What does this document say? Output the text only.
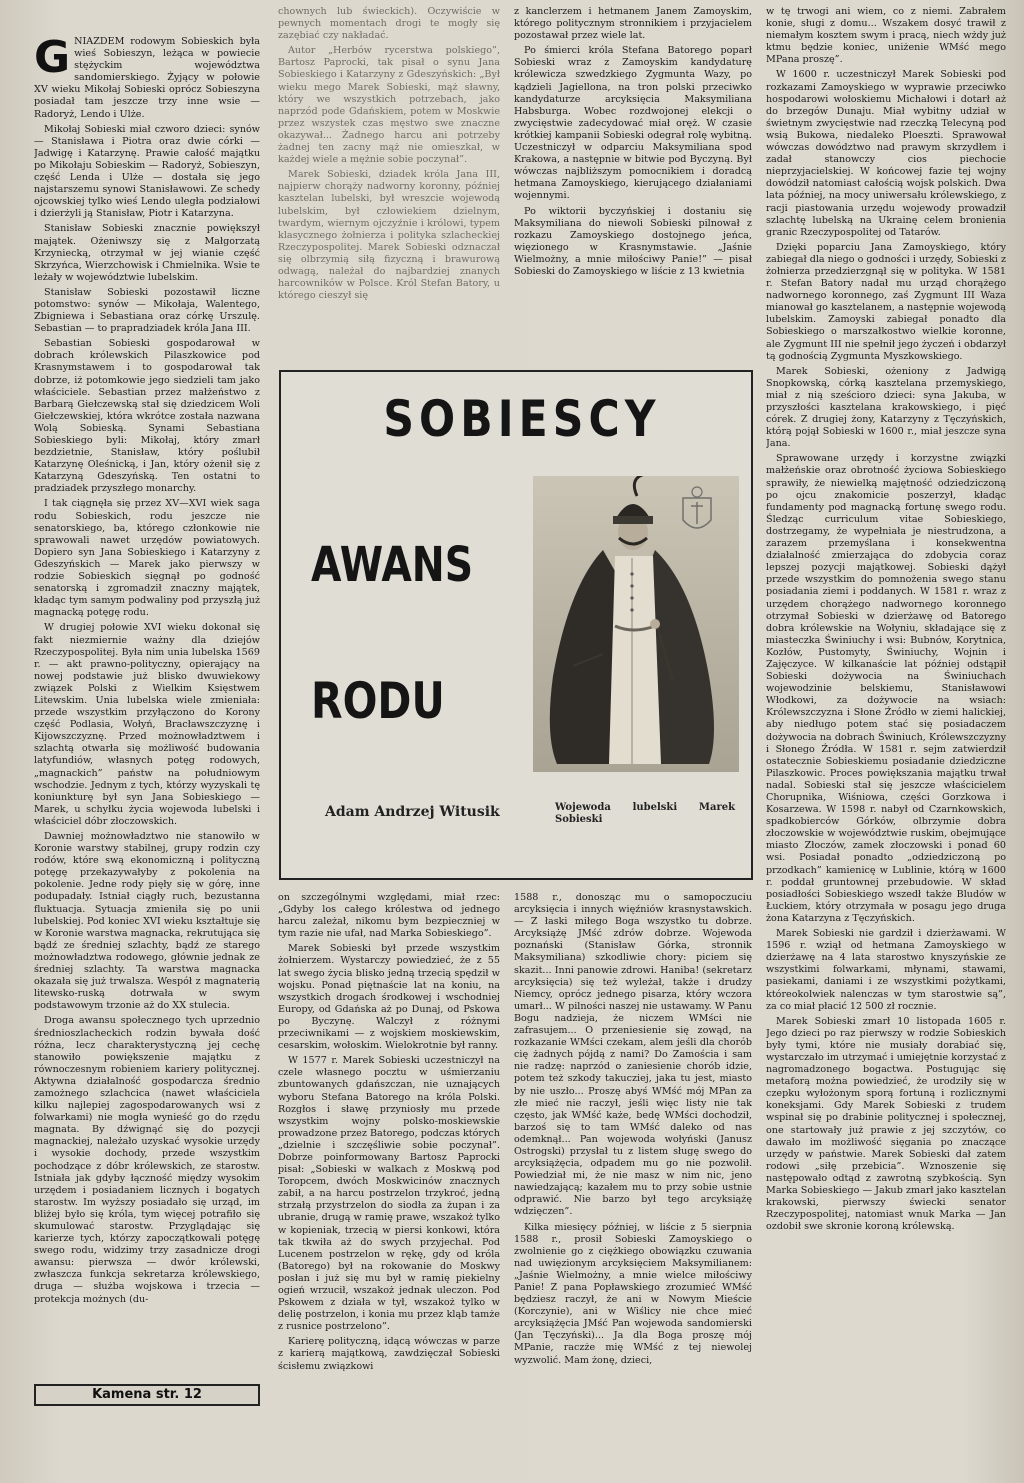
GNIAZDEM rodowym Sobieskich była wieś Sobieszyn, leżąca w powiecie stężyckim województwa sandomierskiego. Żyjący w połowie XV wieku Mikołaj Sobieski oprócz Sobieszyna posiadał tam jeszcze trzy inne wsie — Radoryż, Lendo i Ulże.

Mikołaj Sobieski miał czworo dzieci: synów — Stanisława i Piotra oraz dwie córki — Jadwigę i Katarzynę. Prawie całość majątku po Mikołaju Sobieskim — Radoryż, Sobieszyn, część Lenda i Ulże — dostała się jego najstarszemu synowi Stanisławowi. Ze schedy ojcowskiej tylko wieś Lendo uległa podziałowi i dzierżyli ją Stanisław, Piotr i Katarzyna.

Stanisław Sobieski znacznie powiększył majątek. Ożeniwszy się z Małgorzatą Krzyniecką, otrzymał w jej wianie część Skrzyńca, Wierzchowisk i Chmielnika. Wsie te leżały w województwie lubelskim.

Stanisław Sobieski pozostawił liczne potomstwo: synów — Mikołaja, Walentego, Zbigniewa i Sebastiana oraz córkę Urszulę. Sebastian — to prapradziadek króla Jana III.

Sebastian Sobieski gospodarował w dobrach królewskich Pilaszkowice pod Krasnymstawem i to gospodarował tak dobrze, iż potomkowie jego siedzieli tam jako właściciele. Sebastian przez małżeństwo z Barbarą Giełczewską stał się dziedzicem Woli Giełczewskiej, która wkrótce została nazwana Wolą Sobieską. Synami Sebastiana Sobieskiego byli: Mikołaj, który zmarł bezdzietnie, Stanisław, który poślubił Katarzynę Oleśnicką, i Jan, który ożenił się z Katarzyną Gdeszyńską. Ten ostatni to pradziadek przyszłego monarchy.

I tak ciągnęła się przez XV—XVI wiek saga rodu Sobieskich, rodu jeszcze nie senatorskiego, ba, którego członkowie nie sprawowali nawet urzędów powiatowych. Dopiero syn Jana Sobieskiego i Katarzyny z Gdeszyńskich — Marek jako pierwszy w rodzie Sobieskich sięgnął po godność senatorską i zgromadził znaczny majątek, kładąc tym samym podwaliny pod przyszłą już magnacką potęgę rodu.

W drugiej połowie XVI wieku dokonał się fakt niezmiernie ważny dla dziejów Rzeczypospolitej. Była nim unia lubelska 1569 r. — akt prawno-polityczny, opierający na nowej podstawie już blisko dwuwiekowy związek Polski z Wielkim Księstwem Litewskim. Unia lubelska wiele zmieniała: przede wszystkim przyłączono do Korony część Podlasia, Wołyń, Bracławszczyznę i Kijowszczyznę. Przed możnowładztwem i szlachtą otwarła się możliwość budowania latyfundiów, własnych potęg rodowych, „magnackich” państw na południowym wschodzie. Jednym z tych, którzy wyzyskali tę koniunkturę był syn Jana Sobieskiego — Marek, u schyłku życia wojewoda lubelski i właściciel dóbr złoczowskich.

Dawniej możnowładztwo nie stanowiło w Koronie warstwy stabilnej, grupy rodzin czy rodów, które swą ekonomiczną i polityczną potęgę przekazywałyby z pokolenia na pokolenie. Jedne rody pięły się w górę, inne podupadały. Istniał ciągły ruch, bezustanna fluktuacja. Sytuacja zmieniła się po unii lubelskiej. Pod koniec XVI wieku kształtuje się w Koronie warstwa magnacka, rekrutująca się bądź ze średniej szlachty, bądź ze starego możnowładztwa rodowego, głównie jednak ze średniej szlachty. Ta warstwa magnacka okazała się już trwalsza. Wespół z magnaterią litewsko-ruską dotrwała w swym podstawowym trzonie aż do XX stulecia.

Droga awansu społecznego tych uprzednio średnioszlacheckich rodzin bywała dość różna, lecz charakterystyczną jej cechę stanowiło powiększenie majątku z równoczesnym robieniem kariery politycznej. Aktywna działalność gospodarcza średnio zamożnego szlachcica (nawet właściciela kilku najlepiej zagospodarowanych wsi z folwarkami) nie mogła wynieść go do rzędu magnata. By dźwignąć się do pozycji magnackiej, należało uzyskać wysokie urzędy i wysokie dochody, przede wszystkim pochodzące z dóbr królewskich, ze starostw. Istniała jak gdyby łączność między wysokim urzędem i posiadaniem licznych i bogatych starostw. Im wyższy posiadało się urząd, im bliżej było się króla, tym więcej potrafiło się skumulować starostw. Przyglądając się karierze tych, którzy zapoczątkowali potęgę swego rodu, widzimy trzy zasadnicze drogi awansu: pierwsza — dwór królewski, zwłaszcza funkcja sekretarza królewskiego, druga — służba wojskowa i trzecia — protekcja możnych (du-

chownych lub świeckich). Oczywiście w pewnych momentach drogi te mogły się zazębiać czy nakładać.

Autor „Herbów rycerstwa polskiego”, Bartosz Paprocki, tak pisał o synu Jana Sobieskiego i Katarzyny z Gdeszyńskich: „Był wieku mego Marek Sobieski, mąż sławny, który we wszystkich potrzebach, jako naprzód pode Gdańskiem, potem w Moskwie przez wszystek czas męstwo swe znaczne okazywał... Żadnego harcu ani potrzeby żadnej ten zacny mąż nie omieszkał, w każdej wiele a mężnie sobie poczynał”.

Marek Sobieski, dziadek króla Jana III, najpierw chorąży nadworny koronny, później kasztelan lubelski, był wreszcie wojewodą lubelskim, był człowiekiem dzielnym, twardym, wiernym ojczyźnie i królowi, typem klasycznego żołnierza i polityka szlacheckiej Rzeczypospolitej. Marek Sobieski odznaczał się olbrzymią siłą fizyczną i brawurową odwagą, należał do najbardziej znanych harcowników w Polsce. Król Stefan Batory, u którego cieszył się

z kanclerzem i hetmanem Janem Zamoyskim, którego politycznym stronnikiem i przyjacielem pozostawał przez wiele lat.

Po śmierci króla Stefana Batorego poparł Sobieski wraz z Zamoyskim kandydaturę królewicza szwedzkiego Zygmunta Wazy, po kądzieli Jagiellona, na tron polski przeciwko kandydaturze arcyksięcia Maksymiliana Habsburga. Wobec rozdwojonej elekcji o zwycięstwie zadecydować miał oręż. W czasie krótkiej kampanii Sobieski odegrał rolę wybitną. Uczestniczył w odparciu Maksymiliana spod Krakowa, a następnie w bitwie pod Byczyną. Był wówczas najbliższym pomocnikiem i doradcą hetmana Zamoyskiego, kierującego działaniami wojennymi.

Po wiktorii byczyńskiej i dostaniu się Maksymiliana do niewoli Sobieski pilnował z rozkazu Zamoyskiego dostojnego jeńca, więzionego w Krasnymstawie. „Jaśnie Wielmożny, a mnie miłościwy Panie!” — pisał Sobieski do Zamoyskiego w liście z 13 kwietnia

SOBIESCY
AWANS
RODU
Adam Andrzej Witusik	Wojewoda lubelski Marek Sobieski

on szczególnymi względami, miał rzec: „Gdyby los całego królestwa od jednego harcu zależał, nikomu bym bezpieczniej w tym razie nie ufał, nad Marka Sobieskiego”.

Marek Sobieski był przede wszystkim żołnierzem. Wystarczy powiedzieć, że z 55 lat swego życia blisko jedną trzecią spędził w wojsku. Ponad piętnaście lat na koniu, na wszystkich drogach środkowej i wschodniej Europy, od Gdańska aż po Dunaj, od Pskowa po Byczynę. Walczył z różnymi przeciwnikami — z wojskiem moskiewskim, cesarskim, wołoskim. Wielokrotnie był ranny.

W 1577 r. Marek Sobieski uczestniczył na czele własnego pocztu w uśmierzaniu zbuntowanych gdańszczan, nie uznających wyboru Stefana Batorego na króla Polski. Rozgłos i sławę przyniosły mu przede wszystkim wojny polsko-moskiewskie prowadzone przez Batorego, podczas których „dzielnie i szczęśliwie sobie poczynał”. Dobrze poinformowany Bartosz Paprocki pisał: „Sobieski w walkach z Moskwą pod Toropcem, dwóch Moskwicinów znacznych zabił, a na harcu postrzelon trzykroć, jedną strzałą przystrzelon do siodła za żupan i za ubranie, drugą w ramię prawe, wszakoż tylko w kopieniak, trzecią w piersi konkowi, która tak tkwiła aż do swych przyjechał. Pod Lucenem postrzelon w rękę, gdy od króla (Batorego) był na rokowanie do Moskwy posłan i już się mu był w ramię piekielny ogień wrzucił, wszakoż jednak uleczon. Pod Pskowem z działa w tył, wszakoż tylko w delię postrzelon, i konia mu przez kląb tamże z rusnice postrzelono”.

Karierę polityczną, idącą wówczas w parze z karierą majątkową, zawdzięczał Sobieski ścisłemu związkowi

1588 r., donosząc mu o samopoczuciu arcyksięcia i innych więźniów krasnystawskich. — Z łaski miłego Boga wszystko tu dobrze. Arcyksiążę JMść zdrów dobrze. Wojewoda poznański (Stanisław Górka, stronnik Maksymiliana) szkodliwie chory: piciem się skazit... Inni panowie zdrowi. Haniba! (sekretarz arcyksięcia) się też wyleżał, także i drudzy Niemcy, oprócz jednego pisarza, który wczora umarł... W pilności naszej nie ustawamy. W Panu Bogu nadzieja, że niczem WMści nie zafrasujem... O przeniesienie się zowąd, na rozkazanie WMści czekam, alem jeśli dla chorób cię żadnych pójdą z nami? Do Zamościa i sam nie radzę: naprzód o zaniesienie chorób idzie, potem też szkody takucziej, jaka tu jest, miasto by nie uszło... Proszę abyś WMść mój MPan za złe mieć nie raczył, jeśli więc listy nie tak często, jak WMść każe, bedę WMści dochodził, barzoś się to tam WMść daleko od nas odemknął... Pan wojewoda wołyński (Janusz Ostrogski) przysłał tu z listem sługę swego do arcyksiążęcia, odpadem mu go nie pozwolił. Powiedział mi, że nie masz w nim nic, jeno nawiedzającą; kazałem mu to przy sobie ustnie odprawić. Nie barzo był tego arcyksiążę wdzięczen”.

Kilka miesięcy później, w liście z 5 sierpnia 1588 r., prosił Sobieski Zamoyskiego o zwolnienie go z ciężkiego obowiązku czuwania nad uwięzionym arcyksięciem Maksymilianem: „Jaśnie Wielmożny, a mnie wielce miłościwy Panie! Z pana Popławskiego zrozumieć WMść będziesz raczył, że ani w Nowym Mieście (Korczynie), ani w Wiślicy nie chce mieć arcyksiążęcia JMść Pan wojewoda sandomierski (Jan Tęczyński)... Ja dla Boga proszę mój MPanie, raczże mię WMść z tej niewolej wyzwolić. Mam żonę, dzieci,

w tę trwogi ani wiem, co z niemi. Zabrałem konie, sługi z domu... Wszakem dosyć trawił z niemałym kosztem swym i pracą, niech wżdy już ktmu będzie koniec, uniżenie WMść mego MPana proszę”.

W 1600 r. uczestniczył Marek Sobieski pod rozkazami Zamoyskiego w wyprawie przeciwko hospodarowi wołoskiemu Michałowi i dotarł aż do brzegów Dunaju. Miał wybitny udział w świetnym zwycięstwie nad rzeczką Telecyną pod wsią Bukowa, niedaleko Ploeszti. Sprawował wówczas dowództwo nad prawym skrzydłem i zadał stanowczy cios piechocie nieprzyjacielskiej. W końcowej fazie tej wojny dowódził natomiast całością wojsk polskich. Dwa lata później, na mocy uniwersału królewskiego, z racji piastowania urzędu wojewody prowadził szlachtę lubelską na Ukrainę celem bronienia granic Rzeczypospolitej od Tatarów.

Dzięki poparciu Jana Zamoyskiego, który zabiegał dla niego o godności i urzędy, Sobieski z żołnierza przedzierzgnął się w polityka. W 1581 r. Stefan Batory nadał mu urząd chorążego nadwornego koronnego, zaś Zygmunt III Waza mianował go kasztelanem, a następnie wojewodą lubelskim. Zamoyski zabiegał ponadto dla Sobieskiego o marszałkostwo wielkie koronne, ale Zygmunt III nie spełnił jego życzeń i obdarzył tą godnością Zygmunta Myszkowskiego.

Marek Sobieski, ożeniony z Jadwigą Snopkowską, córką kasztelana przemyskiego, miał z nią sześcioro dzieci: syna Jakuba, w przyszłości kasztelana krakowskiego, i pięć córek. Z drugiej żony, Katarzyny z Tęczyńskich, którą pojął Sobieski w 1600 r., miał jeszcze syna Jana.

Sprawowane urzędy i korzystne związki małżeńskie oraz obrotność życiowa Sobieskiego sprawiły, że niewielką majętność odziedziczoną po ojcu znakomicie poszerzył, kładąc fundamenty pod magnacką fortunę swego rodu. Śledząc curriculum vitae Sobieskiego, dostrzegamy, że wypełniała je niestrudzona, a zarazem przemyślana i konsekwentna działalność zmierzająca do zdobycia coraz lepszej pozycji majątkowej. Sobieski dążył przede wszystkim do pomnożenia swego stanu posiadania ziemi i poddanych. W 1581 r. wraz z urzędem chorążego nadwornego koronnego otrzymał Sobieski w dzierżawę od Batorego dobra królewskie na Wołyniu, składające się z miasteczka Świniuchy i wsi: Bubnów, Korytnica, Kozłów, Pustomyty, Świniuchy, Wojnin i Zajęczyce. W kilkanaście lat później odstąpił Sobieski dożywocia na Świniuchach wojewodzinie belskiemu, Stanisławowi Włodkowi, za dożywocie na wsiach: Królewszczyzna i Słone Źródło w ziemi halickiej, aby niedługo potem stać się posiadaczem dożywocia na dobrach Świniuch, Królewszczyzny i Słonego Źródła. W 1581 r. sejm zatwierdził ostatecznie Sobieskiemu posiadanie dziedziczne Pilaszkowic. Proces powiększania majątku trwał nadal. Sobieski stał się jeszcze właścicielem Chorupnika, Wiśniowa, części Gorzkowa i Kosarzewa. W 1598 r. nabył od Czarnkowskich, spadkobierców Górków, olbrzymie dobra złoczowskie w województwie ruskim, obejmujące miasto Złoczów, zamek złoczowski i ponad 60 wsi. Posiadał ponadto „odziedziczoną po przodkach” kamienicę w Lublinie, którą w 1600 r. poddał gruntownej przebudowie. W skład posiadłości Sobieskiego wszedł także Bludów w Łuckiem, który otrzymała w posagu jego druga żona Katarzyna z Tęczyńskich.

Marek Sobieski nie gardził i dzierżawami. W 1596 r. wziął od hetmana Zamoyskiego w dzierżawę na 4 lata starostwo knyszyńskie ze wszystkimi folwarkami, młynami, stawami, pasiekami, daniami i ze wszystkimi pożytkami, któreokolwiek nalenczas w tym starostwie są”, za co miał płacić 12 500 zł rocznie.

Marek Sobieski zmarł 10 listopada 1605 r. Jego dzieci po raz pierwszy w rodzie Sobieskich były tymi, które nie musiały dorabiać się, wystarczało im utrzymać i umiejętnie korzystać z nagromadzonego bogactwa. Postugując się metaforą można powiedzieć, że urodziły się w czepku wyłożonym sporą fortuną i rozlicznymi koneksjami. Gdy Marek Sobieski z trudem wspinał się po drabinie politycznej i społecznej, one startowały już prawie z jej szczytów, co dawało im możliwość sięgania po znaczące urzędy w państwie. Marek Sobieski dał zatem rodowi „siłę przebicia”. Wznoszenie się następowało odtąd z zawrotną szybkością. Syn Marka Sobieskiego — Jakub zmarł jako kasztelan krakowski, pierwszy świecki senator Rzeczypospolitej, natomiast wnuk Marka — Jan ozdobił swe skronie koroną królewską.

Kamena str. 12
